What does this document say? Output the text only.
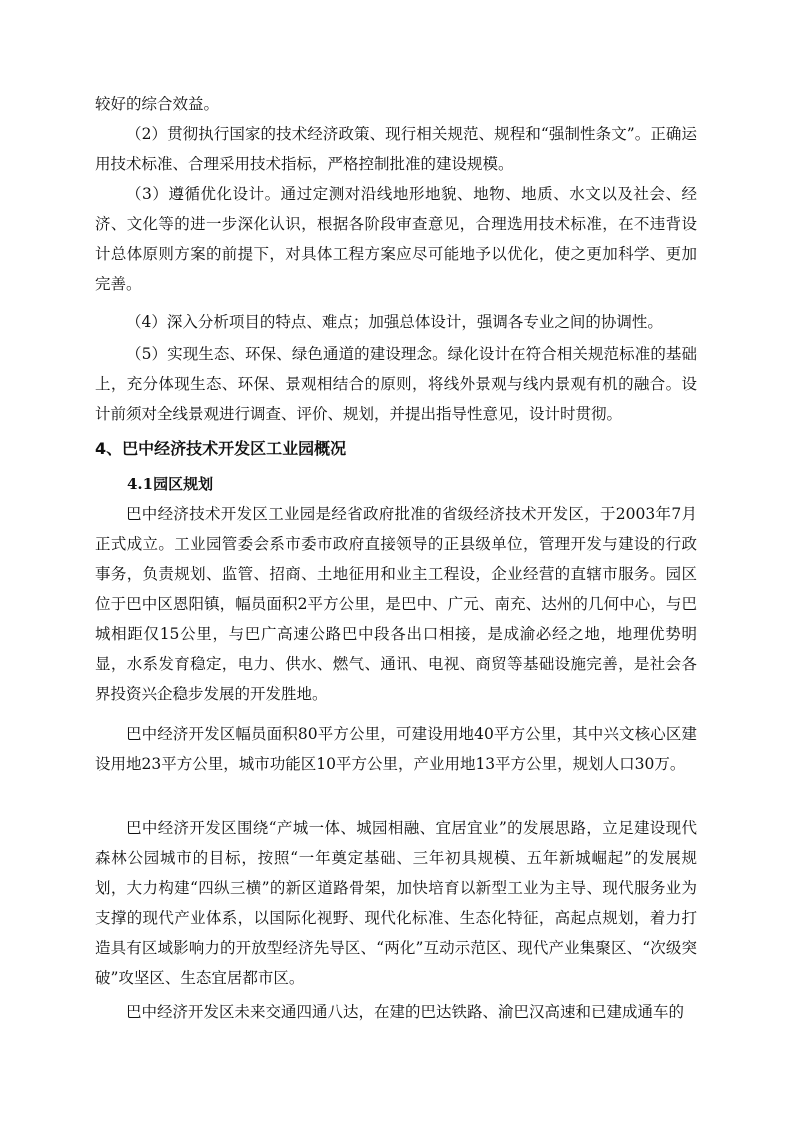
较好的综合效益。

（2）贯彻执行国家的技术经济政策、现行相关规范、规程和“强制性条文”。正确运用技术标准、合理采用技术指标，严格控制批准的建设规模。

（3）遵循优化设计。通过定测对沿线地形地貌、地物、地质、水文以及社会、经济、文化等的进一步深化认识，根据各阶段审查意见，合理选用技术标准，在不违背设计总体原则方案的前提下，对具体工程方案应尽可能地予以优化，使之更加科学、更加完善。

（4）深入分析项目的特点、难点；加强总体设计，强调各专业之间的协调性。

（5）实现生态、环保、绿色通道的建设理念。绿化设计在符合相关规范标准的基础上，充分体现生态、环保、景观相结合的原则，将线外景观与线内景观有机的融合。设计前须对全线景观进行调查、评价、规划，并提出指导性意见，设计时贯彻。

4、巴中经济技术开发区工业园概况
4.1园区规划

巴中经济技术开发区工业园是经省政府批准的省级经济技术开发区，于2003年7月正式成立。工业园管委会系市委市政府直接领导的正县级单位，管理开发与建设的行政事务，负责规划、监管、招商、土地征用和业主工程设，企业经营的直辖市服务。园区位于巴中区恩阳镇，幅员面积2平方公里，是巴中、广元、南充、达州的几何中心，与巴城相距仅15公里，与巴广高速公路巴中段各出口相接，是成渝必经之地，地理优势明显，水系发育稳定，电力、供水、燃气、通讯、电视、商贸等基础设施完善，是社会各界投资兴企稳步发展的开发胜地。

巴中经济开发区幅员面积80平方公里，可建设用地40平方公里，其中兴文核心区建设用地23平方公里，城市功能区10平方公里，产业用地13平方公里，规划人口30万。

巴中经济开发区围绕“产城一体、城园相融、宜居宜业”的发展思路，立足建设现代森林公园城市的目标，按照“一年奠定基础、三年初具规模、五年新城崛起”的发展规划，大力构建“四纵三横”的新区道路骨架，加快培育以新型工业为主导、现代服务业为支撑的现代产业体系，以国际化视野、现代化标准、生态化特征，高起点规划，着力打造具有区域影响力的开放型经济先导区、“两化”互动示范区、现代产业集聚区、“次级突破”攻坚区、生态宜居都市区。

巴中经济开发区未来交通四通八达，在建的巴达铁路、渝巴汉高速和已建成通车的
